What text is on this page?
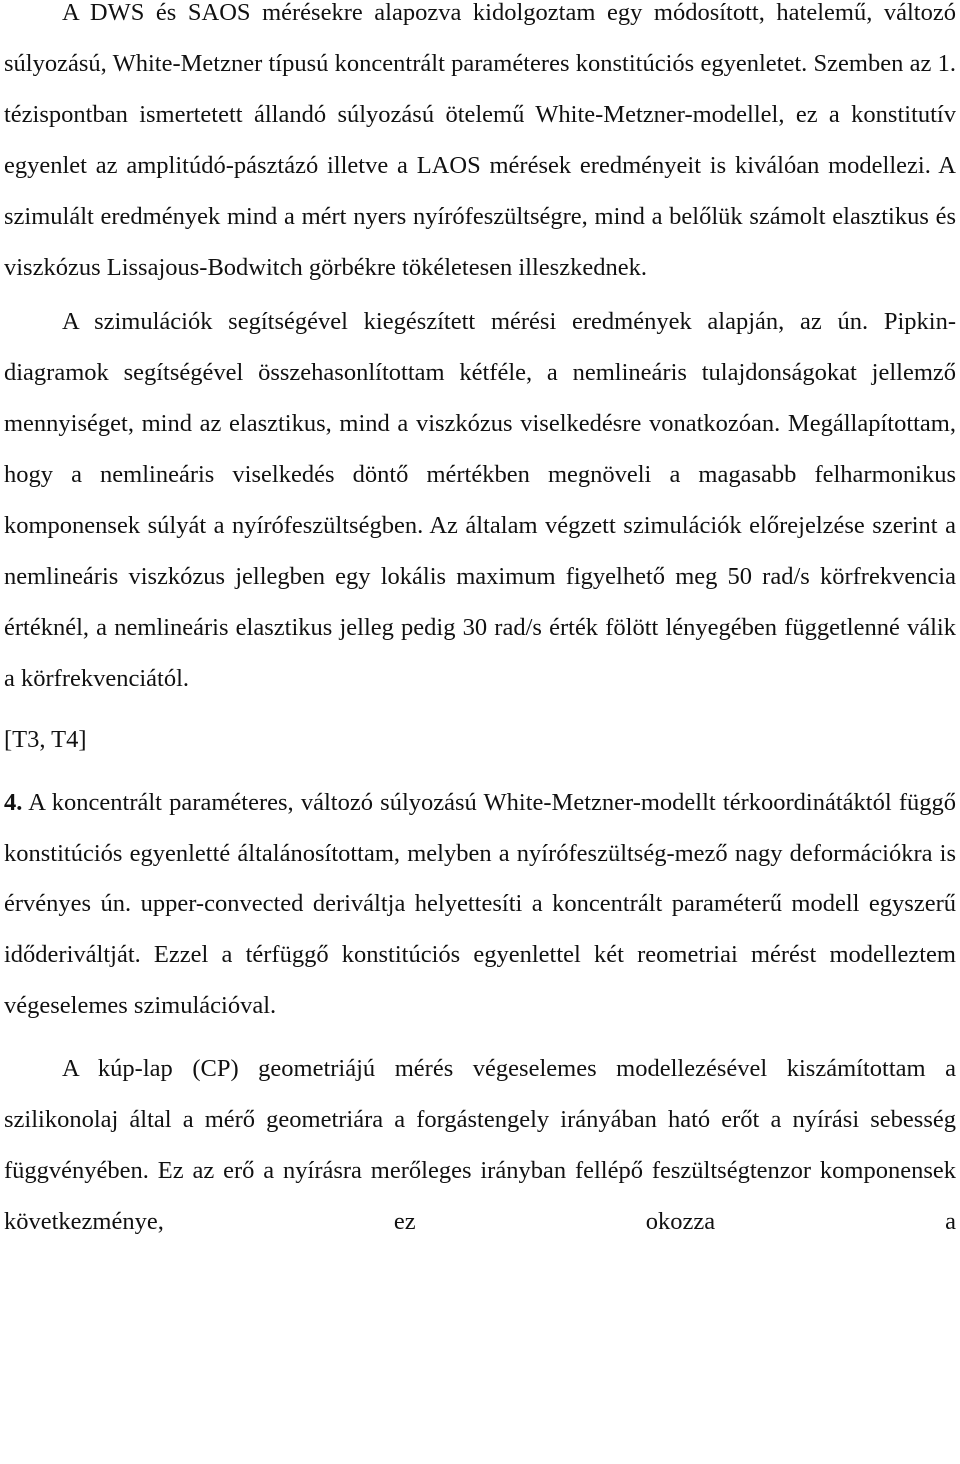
A DWS és SAOS mérésekre alapozva kidolgoztam egy módosított, hatelemű, változó súlyozású, White-Metzner típusú koncentrált paraméteres konstitúciós egyenletet. Szemben az 1. tézispontban ismertetett állandó súlyozású ötelemű White-Metzner-modellel, ez a konstitutív egyenlet az amplitúdó-pásztázó illetve a LAOS mérések eredményeit is kiválóan modellezi. A szimulált eredmények mind a mért nyers nyírófeszültségre, mind a belőlük számolt elasztikus és viszkózus Lissajous-Bodwitch görbékre tökéletesen illeszkednek.

A szimulációk segítségével kiegészített mérési eredmények alapján, az ún. Pipkin-diagramok segítségével összehasonlítottam kétféle, a nemlineáris tulajdonságokat jellemző mennyiséget, mind az elasztikus, mind a viszkózus viselkedésre vonatkozóan. Megállapítottam, hogy a nemlineáris viselkedés döntő mértékben megnöveli a magasabb felharmonikus komponensek súlyát a nyírófeszültségben. Az általam végzett szimulációk előrejelzése szerint a nemlineáris viszkózus jellegben egy lokális maximum figyelhető meg 50 rad/s körfrekvencia értéknél, a nemlineáris elasztikus jelleg pedig 30 rad/s érték fölött lényegében függetlenné válik a körfrekvenciától.

[T3, T4]

4. A koncentrált paraméteres, változó súlyozású White-Metzner-modellt térkoordinátáktól függő konstitúciós egyenletté általánosítottam, melyben a nyírófeszültség-mező nagy deformációkra is érvényes ún. upper-convected deriváltja helyettesíti a koncentrált paraméterű modell egyszerű időderiváltját. Ezzel a térfüggő konstitúciós egyenlettel két reometriai mérést modelleztem végeselemes szimulációval.

A kúp-lap (CP) geometriájú mérés végeselemes modellezésével kiszámítottam a szilikonolaj által a mérő geometriára a forgástengely irányában ható erőt a nyírási sebesség függvényében. Ez az erő a nyírásra merőleges irányban fellépő feszültségtenzor komponensek következménye, ez okozza a
